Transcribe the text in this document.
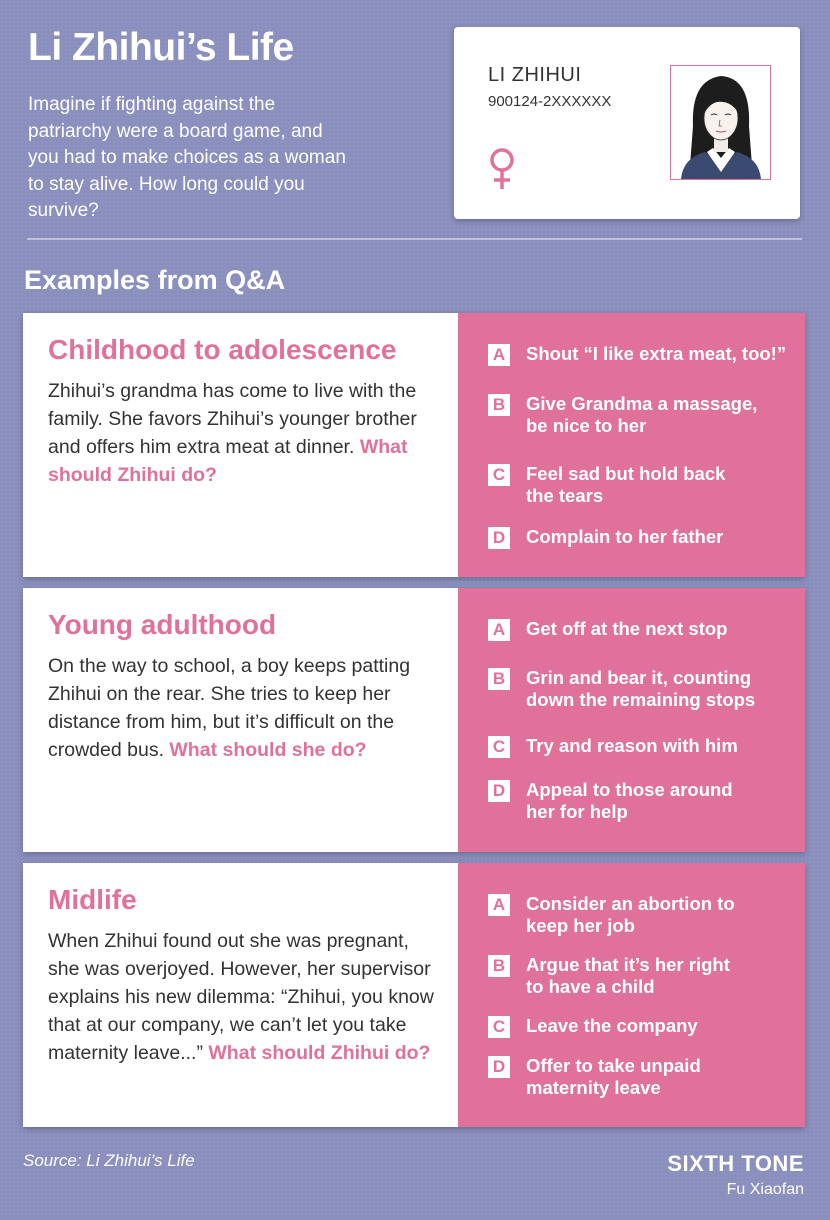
Li Zhihui’s Life
Imagine if fighting against the patriarchy were a board game, and you had to make choices as a woman to stay alive. How long could you survive?
LI ZHIHUI
900124-2XXXXXX
Examples from Q&A
Childhood to adolescence

Zhihui’s grandma has come to live with the family. She favors Zhihui’s younger brother and offers him extra meat at dinner. What should Zhihui do?

A Shout “I like extra meat, too!”
B Give Grandma a massage, be nice to her
C Feel sad but hold back the tears
D Complain to her father
Young adulthood

On the way to school, a boy keeps patting Zhihui on the rear. She tries to keep her distance from him, but it’s difficult on the crowded bus. What should she do?

A Get off at the next stop
B Grin and bear it, counting down the remaining stops
C Try and reason with him
D Appeal to those around her for help
Midlife

When Zhihui found out she was pregnant, she was overjoyed. However, her supervisor explains his new dilemma: “Zhihui, you know that at our company, we can’t let you take maternity leave...” What should Zhihui do?

A Consider an abortion to keep her job
B Argue that it’s her right to have a child
C Leave the company
D Offer to take unpaid maternity leave
Source: Li Zhihui’s Life	SIXTH TONE
Fu Xiaofan
